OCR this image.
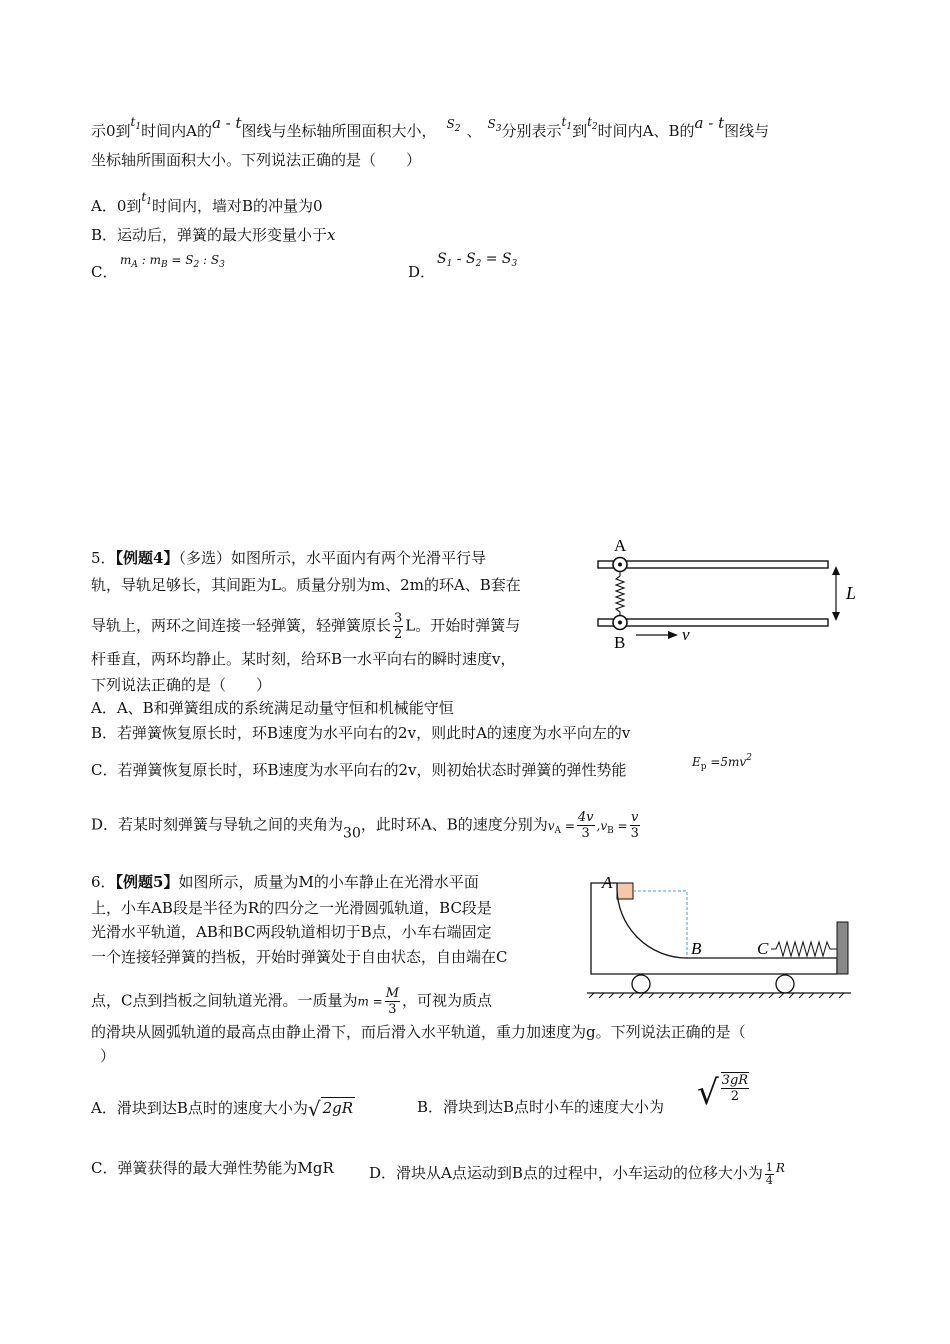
示0到$^{t_1}$时间内A的a - t图线与坐标轴所围面积大小， $^{S_2}$ 、 $^{S_3}$分别表示$^{t_1}$到$^{t_2}$时间内A、B的a - t图线与
坐标轴所围面积大小。下列说法正确的是（　　）
A．0到$^{t_1}$时间内，墙对B的冲量为0
B．运动后，弹簧的最大形变量小于x
C．
$m_A$ : $m_B = S_2$ : $S_3$	D．
$S_1 - S_2 = S_3$
5．【例题4】（多选）如图所示，水平面内有两个光滑平行导
轨，导轨足够长，其间距为L。质量分别为m、2m的环A、B套在
导轨上，两环之间连接一轻弹簧，轻弹簧原长 $\frac{3}{2}$ L。开始时弹簧与
杆垂直，两环均静止。某时刻，给环B一水平向右的瞬时速度v，
下列说法正确的是（　　）
A．A、B和弹簧组成的系统满足动量守恒和机械能守恒
B．若弹簧恢复原长时，环B速度为水平向右的2v，则此时A的速度为水平向左的v
C．若弹簧恢复原长时，环B速度为水平向右的2v，则初始状态时弹簧的弹性势能	$E_p =5mv^2$
D．若某时刻弹簧与导轨之间的夹角为30，此时环A、B的速度分别为$v_A = \frac{4v}{3} ,v_B = \frac{v}{3}$
A
B
L
v
6．【例题5】如图所示，质量为M的小车静止在光滑水平面
上，小车AB段是半径为R的四分之一光滑圆弧轨道，BC段是
光滑水平轨道，AB和BC两段轨道相切于B点，小车右端固定
一个连接轻弹簧的挡板，开始时弹簧处于自由状态，自由端在C
点，C点到挡板之间轨道光滑。一质量为$m = \frac{M}{3}$ ，可视为质点
的滑块从圆弧轨道的最高点由静止滑下，而后滑入水平轨道，重力加速度为g。下列说法正确的是（
）
A．滑块到达B点时的速度大小为√ 2gR	B．滑块到达B点时小车的速度大小为 √ $\frac{3gR}{2}$
C．弹簧获得的最大弹性势能为MgR D．滑块从A点运动到B点的过程中，小车运动的位移大小为 $\frac{1}{4} ^R$
A
B	C
